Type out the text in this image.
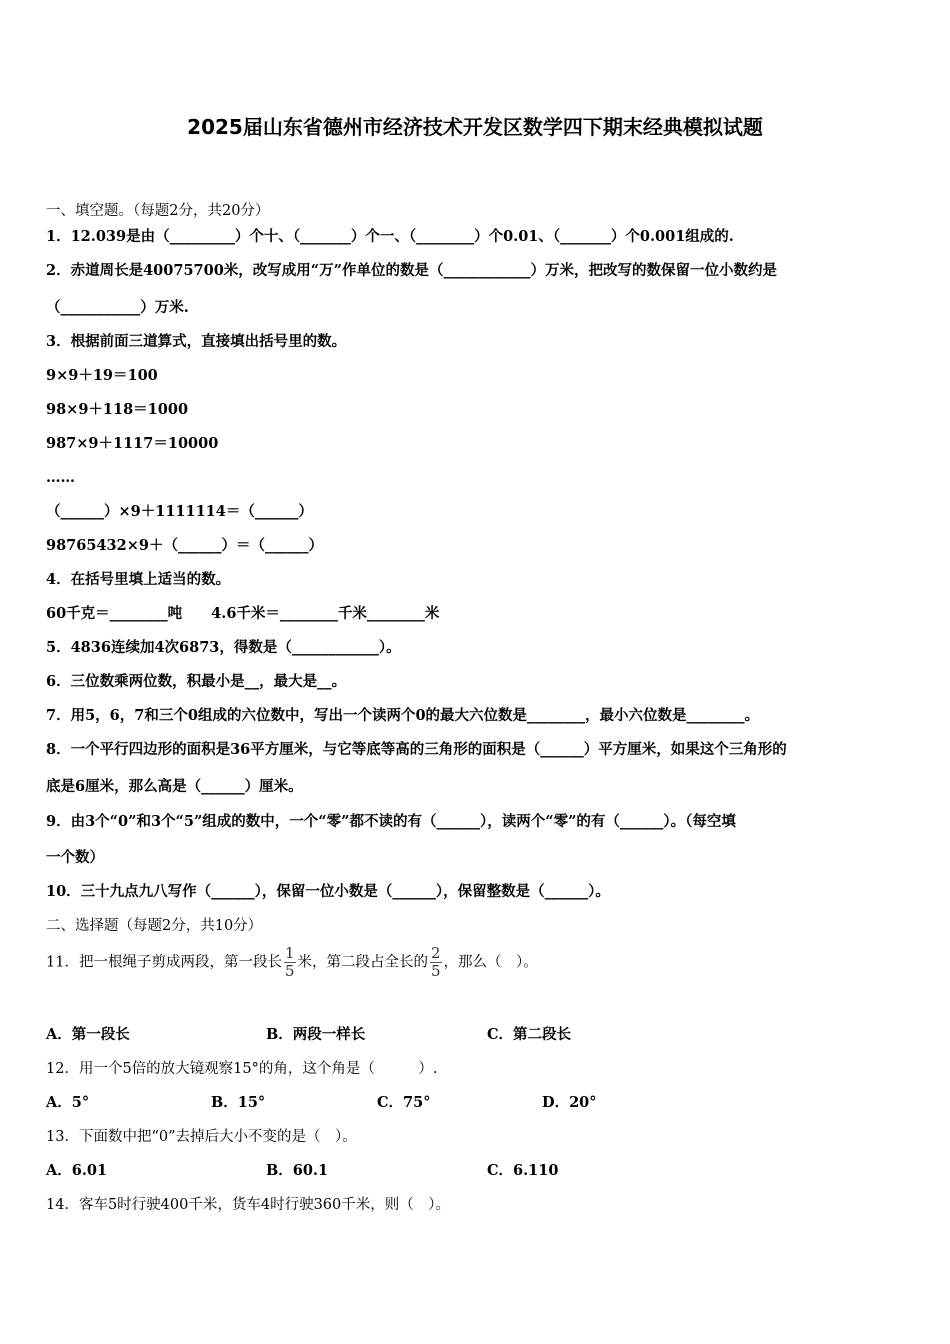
2025届山东省德州市经济技术开发区数学四下期末经典模拟试题
一、填空题。（每题2分，共20分）
1．12.039是由（_________）个十、（_______）个一、（________）个0.01、（_______）个0.001组成的.
2．赤道周长是40075700米，改写成用“万”作单位的数是（____________）万米，把改写的数保留一位小数约是
（___________）万米.
3．根据前面三道算式，直接填出括号里的数。
9×9＋19＝100
98×9＋118＝1000
987×9＋1117＝10000
……
（______）×9＋1111114＝（______）
98765432×9＋（______）＝（______）
4．在括号里填上适当的数。
60千克＝________吨　　4.6千米＝________千米________米
5．4836连续加4次6873，得数是（____________）。
6．三位数乘两位数，积最小是__，最大是__。
7．用5，6，7和三个0组成的六位数中，写出一个读两个0的最大六位数是________，最小六位数是________。
8．一个平行四边形的面积是36平方厘米，与它等底等高的三角形的面积是（______）平方厘米，如果这个三角形的
底是6厘米，那么高是（______）厘米。
9．由3个“0”和3个“5”组成的数中，一个“零”都不读的有（______），读两个“零”的有（______）。（每空填
一个数）
10．三十九点九八写作（______），保留一位小数是（______），保留整数是（______）。
二、选择题（每题2分，共10分）
11．把一根绳子剪成两段，第一段长 $\frac{1}{5}$ 米，第二段占全长的 $\frac{2}{5}$ ，那么（　）。
A．第一段长	B．两段一样长	C．第二段长
12．用一个5倍的放大镜观察15°的角，这个角是（　　　）.
A．5°	B．15°	C．75°	D．20°
13．下面数中把“0”去掉后大小不变的是（　）。
A．6.01	B．60.1	C．6.110
14．客车5时行驶400千米，货车4时行驶360千米，则（　）。
